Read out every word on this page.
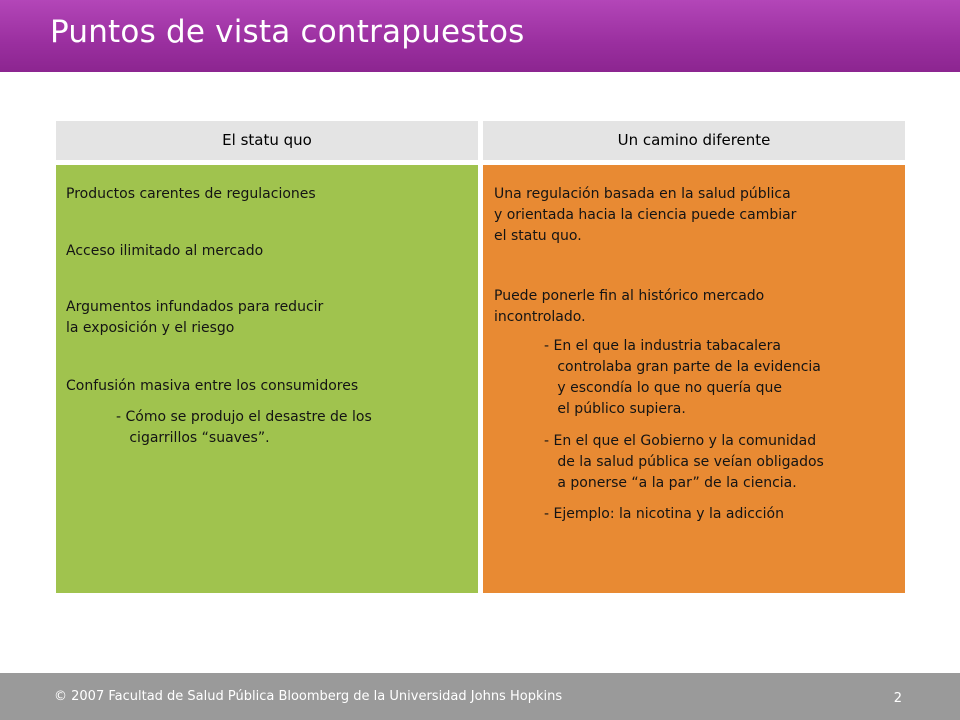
Puntos de vista contrapuestos
El statu quo	Un camino diferente
Productos carentes de regulaciones
Acceso ilimitado al mercado
Argumentos infundados para reducir
la exposición y el riesgo
Confusión masiva entre los consumidores
- Cómo se produjo el desastre de los
cigarrillos “suaves”.
Una regulación basada en la salud pública
y orientada hacia la ciencia puede cambiar
el statu quo.
Puede ponerle fin al histórico mercado
incontrolado.
- En el que la industria tabacalera
controlaba gran parte de la evidencia
y escondía lo que no quería que
el público supiera.
- En el que el Gobierno y la comunidad
de la salud pública se veían obligados
a ponerse “a la par” de la ciencia.
- Ejemplo: la nicotina y la adicción
© 2007 Facultad de Salud Pública Bloomberg de la Universidad Johns Hopkins	2
